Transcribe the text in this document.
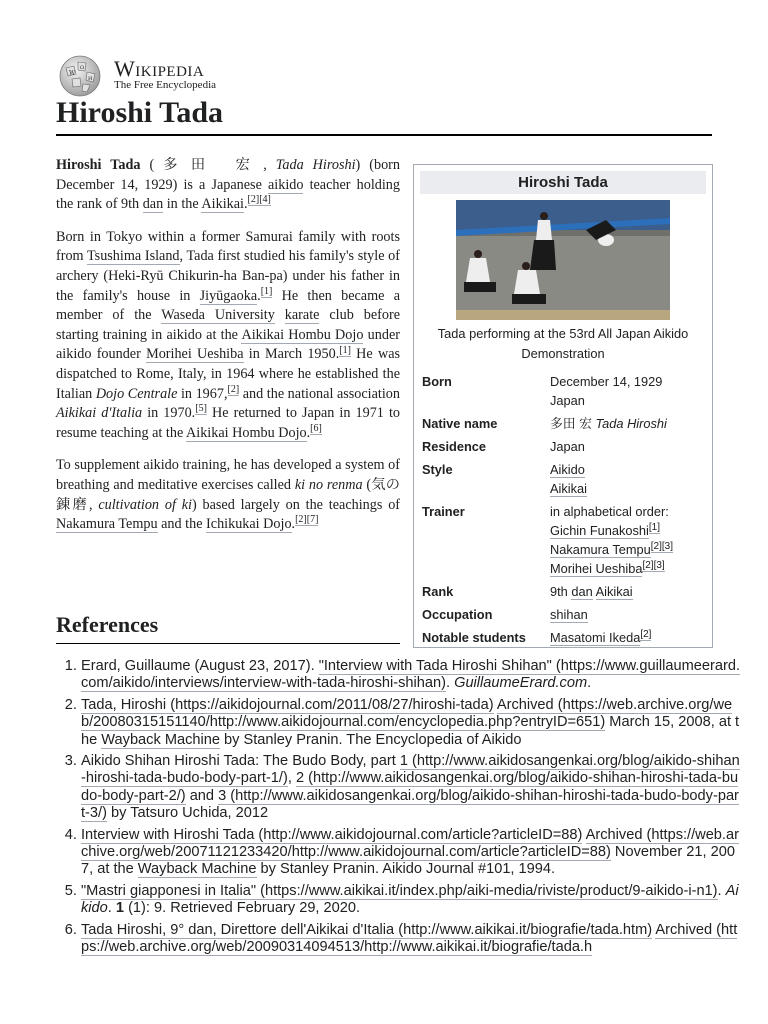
W
Ω
И Wikipedia
The Free Encyclopedia
Hiroshi Tada

Hiroshi Tada ( 多田 宏, Tada Hiroshi) (born December 14, 1929) is a Japanese aikido teacher holding the rank of 9th dan in the Aikikai.[2][4]

Born in Tokyo within a former Samurai family with roots from Tsushima Island, Tada first studied his family's style of archery (Heki-Ryū Chikurin-ha Ban-pa) under his father in the family's house in Jiyūgaoka.[1] He then became a member of the Waseda University karate club before starting training in aikido at the Aikikai Hombu Dojo under aikido founder Morihei Ueshiba in March 1950.[1] He was dispatched to Rome, Italy, in 1964 where he established the Italian Dojo Centrale in 1967,[2] and the national association Aikikai d'Italia in 1970.[5] He returned to Japan in 1971 to resume teaching at the Aikikai Hombu Dojo.[6]

To supplement aikido training, he has developed a system of breathing and meditative exercises called ki no renma (気の錬磨, cultivation of ki) based largely on the teachings of Nakamura Tempu and the Ichikukai Dojo.[2][7]

References
Hiroshi Tada
Tada performing at the 53rd All Japan Aikido Demonstration
Born	December 14, 1929
Japan
Native name	多田 宏 Tada Hiroshi
Residence	Japan
Style	Aikido
Aikikai
Trainer	in alphabetical order:
Gichin Funakoshi[1]
Nakamura Tempu[2][3]
Morihei Ueshiba[2][3]
Rank	9th dan Aikikai
Occupation	shihan
Notable students	Masatomi Ikeda[2]
1. Erard, Guillaume (August 23, 2017). "Interview with Tada Hiroshi Shihan" (https://www.guillaumeerard.com/aikido/interviews/interview-with-tada-hiroshi-shihan). GuillaumeErard.com.
2. Tada, Hiroshi (https://aikidojournal.com/2011/08/27/hiroshi-tada) Archived (https://web.archive.org/web/20080315151140/http://www.aikidojournal.com/encyclopedia.php?entryID=651) March 15, 2008, at the Wayback Machine by Stanley Pranin. The Encyclopedia of Aikido
3. Aikido Shihan Hiroshi Tada: The Budo Body, part 1 (http://www.aikidosangenkai.org/blog/aikido-shihan-hiroshi-tada-budo-body-part-1/), 2 (http://www.aikidosangenkai.org/blog/aikido-shihan-hiroshi-tada-budo-body-part-2/) and 3 (http://www.aikidosangenkai.org/blog/aikido-shihan-hiroshi-tada-budo-body-part-3/) by Tatsuro Uchida, 2012
4. Interview with Hiroshi Tada (http://www.aikidojournal.com/article?articleID=88) Archived (https://web.archive.org/web/20071121233420/http://www.aikidojournal.com/article?articleID=88) November 21, 2007, at the Wayback Machine by Stanley Pranin. Aikido Journal #101, 1994.
5. "Mastri giapponesi in Italia" (https://www.aikikai.it/index.php/aiki-media/riviste/product/9-aikido-i-n1). Aikido. 1 (1): 9. Retrieved February 29, 2020.
6. Tada Hiroshi, 9° dan, Direttore dell'Aikikai d'Italia (http://www.aikikai.it/biografie/tada.htm) Archived (https://web.archive.org/web/20090314094513/http://www.aikikai.it/biografie/tada.h
